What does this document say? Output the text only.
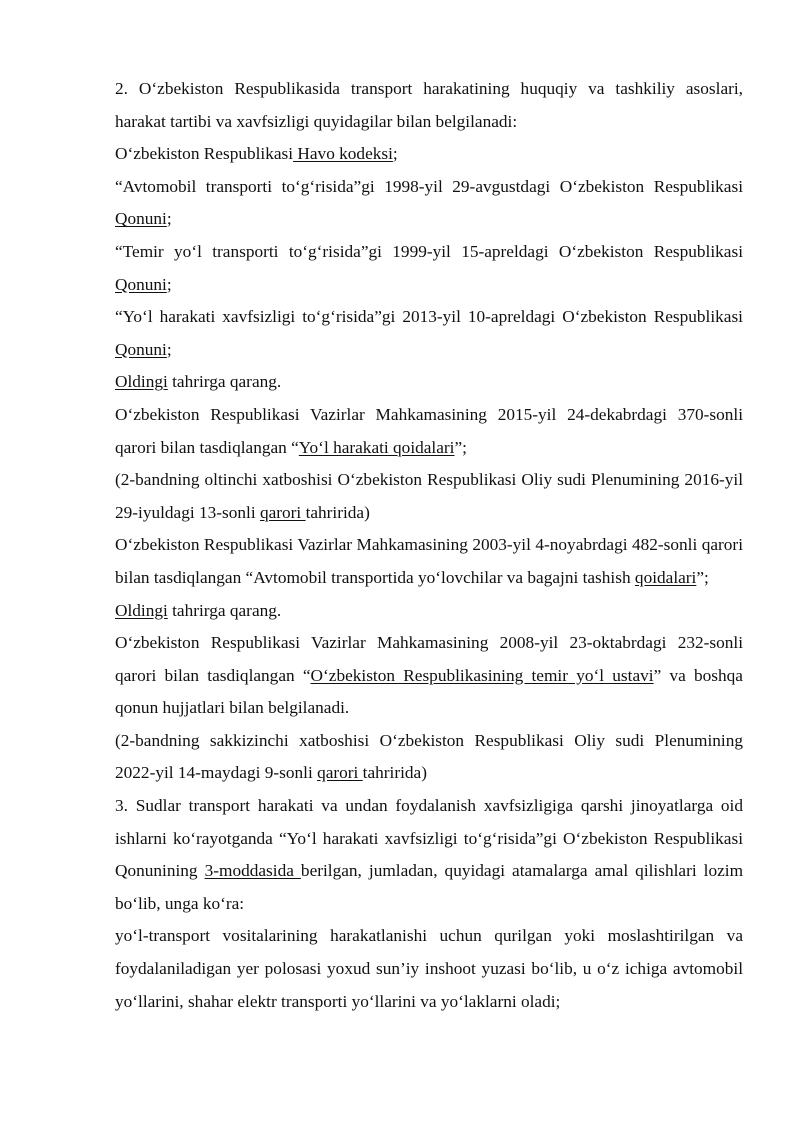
2. O‘zbekiston Respublikasida transport harakatining huquqiy va tashkiliy asoslari, harakat tartibi va xavfsizligi quyidagilar bilan belgilanadi:

O‘zbekiston Respublikasi Havo kodeksi;

“Avtomobil transporti to‘g‘risida”gi 1998-yil 29-avgustdagi O‘zbekiston Respublikasi Qonuni;

“Temir yo‘l transporti to‘g‘risida”gi 1999-yil 15-apreldagi O‘zbekiston Respublikasi Qonuni;

“Yo‘l harakati xavfsizligi to‘g‘risida”gi 2013-yil 10-apreldagi O‘zbekiston Respublikasi Qonuni;

Oldingi tahrirga qarang.

O‘zbekiston Respublikasi Vazirlar Mahkamasining 2015-yil 24-dekabrdagi 370-sonli qarori bilan tasdiqlangan “Yo‘l harakati qoidalari”;

(2-bandning oltinchi xatboshisi O‘zbekiston Respublikasi Oliy sudi Plenumining 2016-yil 29-iyuldagi 13-sonli qarori tahririda)

O‘zbekiston Respublikasi Vazirlar Mahkamasining 2003-yil 4-noyabrdagi 482-sonli qarori bilan tasdiqlangan “Avtomobil transportida yo‘lovchilar va bagajni tashish qoidalari”;

Oldingi tahrirga qarang.

O‘zbekiston Respublikasi Vazirlar Mahkamasining 2008-yil 23-oktabrdagi 232-sonli qarori bilan tasdiqlangan “O‘zbekiston Respublikasining temir yo‘l ustavi” va boshqa qonun hujjatlari bilan belgilanadi.

(2-bandning sakkizinchi xatboshisi O‘zbekiston Respublikasi Oliy sudi Plenumining 2022-yil 14-maydagi 9-sonli qarori tahririda)

3. Sudlar transport harakati va undan foydalanish xavfsizligiga qarshi jinoyatlarga oid ishlarni ko‘rayotganda “Yo‘l harakati xavfsizligi to‘g‘risida”gi O‘zbekiston Respublikasi Qonunining 3-moddasida berilgan, jumladan, quyidagi atamalarga amal qilishlari lozim bo‘lib, unga ko‘ra:

yo‘l-transport vositalarining harakatlanishi uchun qurilgan yoki moslashtirilgan va foydalaniladigan yer polosasi yoxud sun’iy inshoot yuzasi bo‘lib, u o‘z ichiga avtomobil yo‘llarini, shahar elektr transporti yo‘llarini va yo‘laklarni oladi;
